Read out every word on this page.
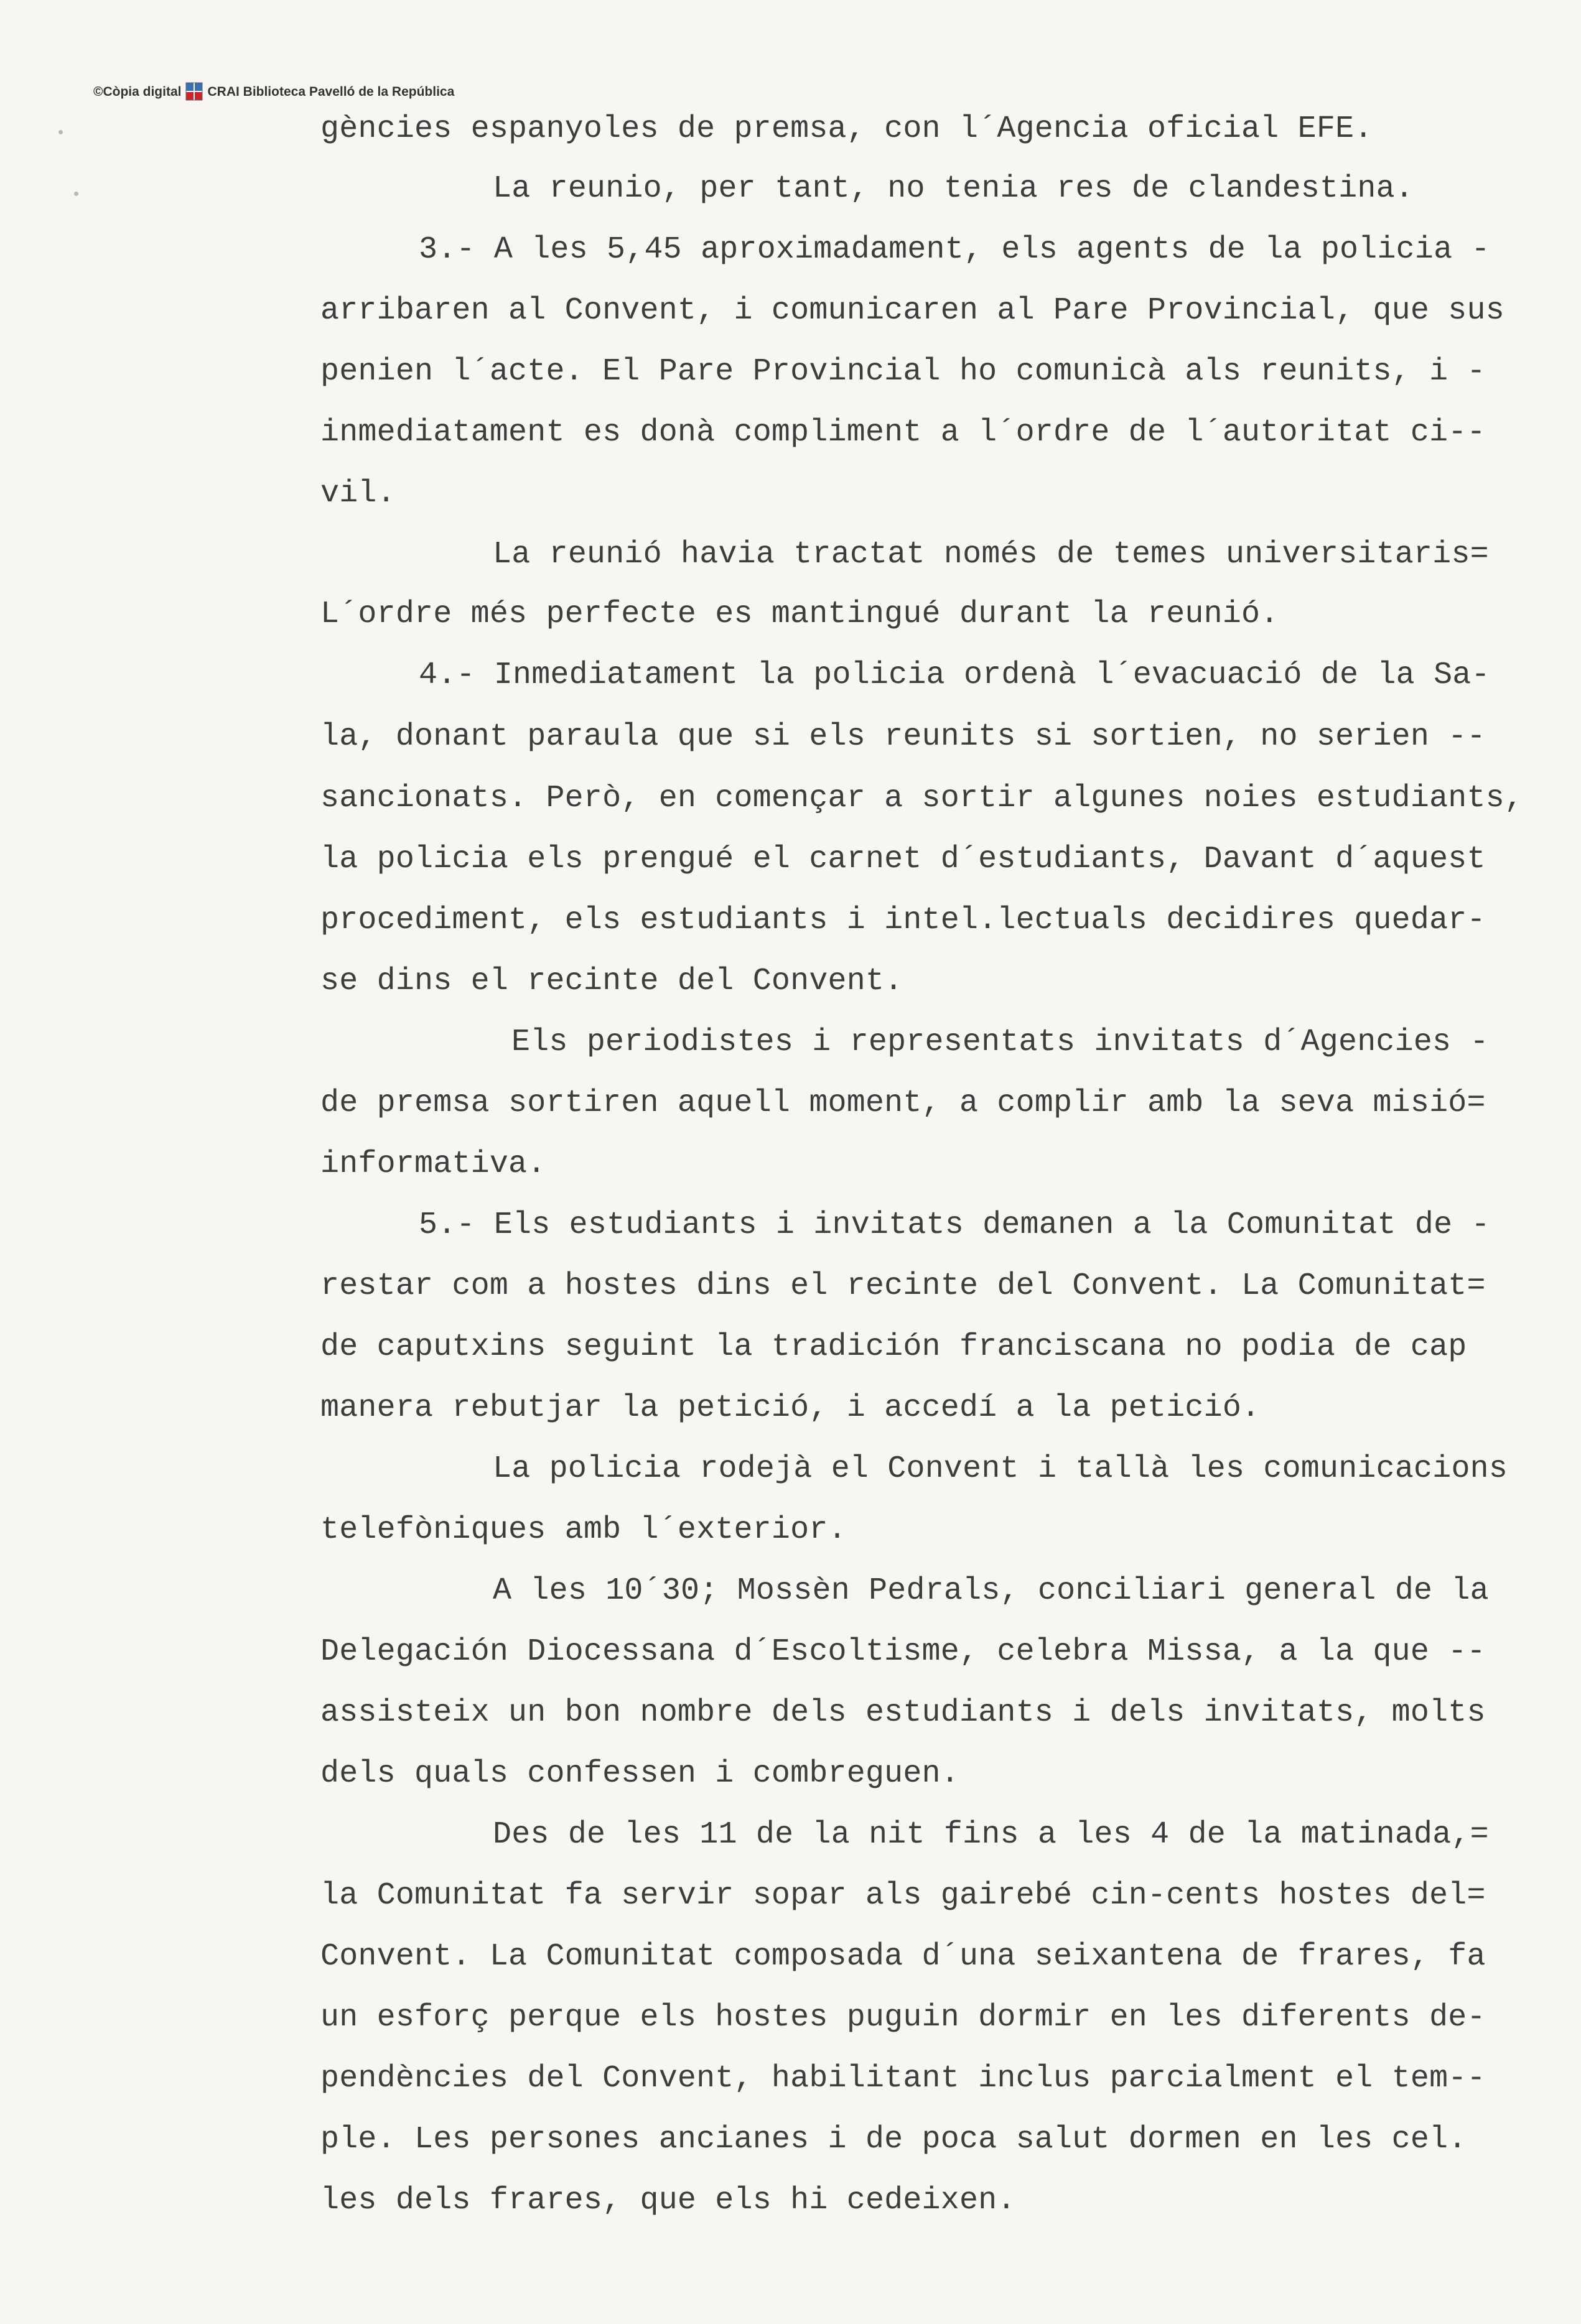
©Còpia digital CRAI Biblioteca Pavelló de la República
gències espanyoles de premsa, con l´Agencia oficial EFE.
La reunio, per tant, no tenia res de clandestina.
3.- A les 5,45 aproximadament, els agents de la policia -
arribaren al Convent, i comunicaren al Pare Provincial, que sus
penien l´acte. El Pare Provincial ho comunicà als reunits, i -
inmediatament es donà compliment a l´ordre de l´autoritat ci--
vil.
La reunió havia tractat només de temes universitaris=
L´ordre més perfecte es mantingué durant la reunió.
4.- Inmediatament la policia ordenà l´evacuació de la Sa-
la, donant paraula que si els reunits si sortien, no serien --
sancionats. Però, en començar a sortir algunes noies estudiants,
la policia els prengué el carnet d´estudiants, Davant d´aquest
procediment, els estudiants i intel.lectuals decidires quedar-
se dins el recinte del Convent.
Els periodistes i representats invitats d´Agencies -
de premsa sortiren aquell moment, a complir amb la seva misió=
informativa.
5.- Els estudiants i invitats demanen a la Comunitat de -
restar com a hostes dins el recinte del Convent. La Comunitat=
de caputxins seguint la tradición franciscana no podia de cap
manera rebutjar la petició, i accedí a la petició.
La policia rodejà el Convent i tallà les comunicacions
telefòniques amb l´exterior.
A les 10´30; Mossèn Pedrals, conciliari general de la
Delegación Diocessana d´Escoltisme, celebra Missa, a la que --
assisteix un bon nombre dels estudiants i dels invitats, molts
dels quals confessen i combreguen.
Des de les 11 de la nit fins a les 4 de la matinada,=
la Comunitat fa servir sopar als gairebé cin-cents hostes del=
Convent. La Comunitat composada d´una seixantena de frares, fa
un esforç perque els hostes puguin dormir en les diferents de-
pendències del Convent, habilitant inclus parcialment el tem--
ple. Les persones ancianes i de poca salut dormen en les cel.
les dels frares, que els hi cedeixen.
